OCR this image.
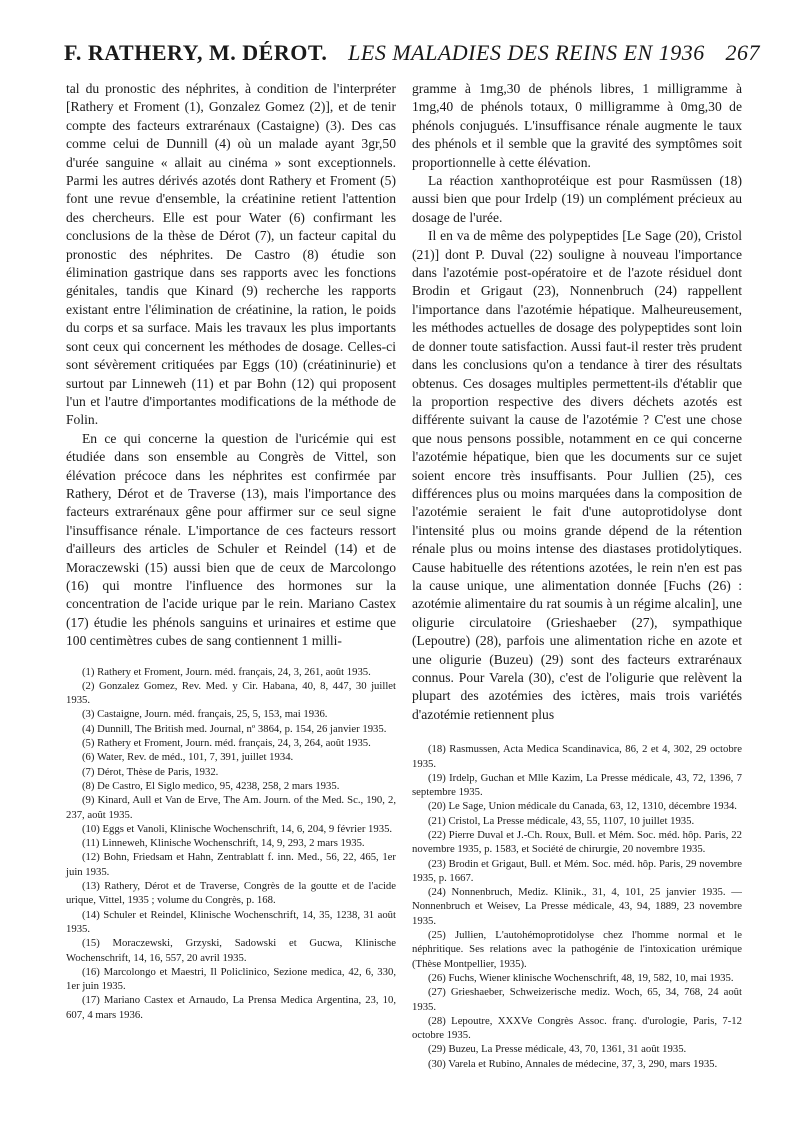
F. RATHERY, M. DÉROT. LES MALADIES DES REINS EN 1936 267

tal du pronostic des néphrites, à condition de l'interpréter [Rathery et Froment (1), Gonzalez Gomez (2)], et de tenir compte des facteurs extrarénaux (Castaigne) (3). Des cas comme celui de Dunnill (4) où un malade ayant 3gr,50 d'urée sanguine « allait au cinéma » sont exceptionnels. Parmi les autres dérivés azotés dont Rathery et Froment (5) font une revue d'ensemble, la créatinine retient l'attention des chercheurs. Elle est pour Water (6) confirmant les conclusions de la thèse de Dérot (7), un facteur capital du pronostic des néphrites. De Castro (8) étudie son élimination gastrique dans ses rapports avec les fonctions génitales, tandis que Kinard (9) recherche les rapports existant entre l'élimination de créatinine, la ration, le poids du corps et sa surface. Mais les travaux les plus importants sont ceux qui concernent les méthodes de dosage. Celles-ci sont sévèrement critiquées par Eggs (10) (créatininurie) et surtout par Linneweh (11) et par Bohn (12) qui proposent l'un et l'autre d'importantes modifications de la méthode de Folin.

En ce qui concerne la question de l'uricémie qui est étudiée dans son ensemble au Congrès de Vittel, son élévation précoce dans les néphrites est confirmée par Rathery, Dérot et de Traverse (13), mais l'importance des facteurs extrarénaux gêne pour affirmer sur ce seul signe l'insuffisance rénale. L'importance de ces facteurs ressort d'ailleurs des articles de Schuler et Reindel (14) et de Moraczewski (15) aussi bien que de ceux de Marcolongo (16) qui montre l'influence des hormones sur la concentration de l'acide urique par le rein. Mariano Castex (17) étudie les phénols sanguins et urinaires et estime que 100 centimètres cubes de sang contiennent 1 milli-

(1) Rathery et Froment, Journ. méd. français, 24, 3, 261, août 1935.

(2) Gonzalez Gomez, Rev. Med. y Cir. Habana, 40, 8, 447, 30 juillet 1935.

(3) Castaigne, Journ. méd. français, 25, 5, 153, mai 1936.

(4) Dunnill, The British med. Journal, nº 3864, p. 154, 26 janvier 1935.

(5) Rathery et Froment, Journ. méd. français, 24, 3, 264, août 1935.

(6) Water, Rev. de méd., 101, 7, 391, juillet 1934.

(7) Dérot, Thèse de Paris, 1932.

(8) De Castro, El Siglo medico, 95, 4238, 258, 2 mars 1935.

(9) Kinard, Aull et Van de Erve, The Am. Journ. of the Med. Sc., 190, 2, 237, août 1935.

(10) Eggs et Vanoli, Klinische Wochenschrift, 14, 6, 204, 9 février 1935.

(11) Linneweh, Klinische Wochenschrift, 14, 9, 293, 2 mars 1935.

(12) Bohn, Friedsam et Hahn, Zentrablatt f. inn. Med., 56, 22, 465, 1er juin 1935.

(13) Rathery, Dérot et de Traverse, Congrès de la goutte et de l'acide urique, Vittel, 1935 ; volume du Congrès, p. 168.

(14) Schuler et Reindel, Klinische Wochenschrift, 14, 35, 1238, 31 août 1935.

(15) Moraczewski, Grzyski, Sadowski et Gucwa, Klinische Wochenschrift, 14, 16, 557, 20 avril 1935.

(16) Marcolongo et Maestri, Il Policlinico, Sezione medica, 42, 6, 330, 1er juin 1935.

(17) Mariano Castex et Arnaudo, La Prensa Medica Argentina, 23, 10, 607, 4 mars 1936.

gramme à 1mg,30 de phénols libres, 1 milligramme à 1mg,40 de phénols totaux, 0 milligramme à 0mg,30 de phénols conjugués. L'insuffisance rénale augmente le taux des phénols et il semble que la gravité des symptômes soit proportionnelle à cette élévation.

La réaction xanthoprotéique est pour Rasmüssen (18) aussi bien que pour Irdelp (19) un complément précieux au dosage de l'urée.

Il en va de même des polypeptides [Le Sage (20), Cristol (21)] dont P. Duval (22) souligne à nouveau l'importance dans l'azotémie post-opératoire et de l'azote résiduel dont Brodin et Grigaut (23), Nonnenbruch (24) rappellent l'importance dans l'azotémie hépatique. Malheureusement, les méthodes actuelles de dosage des polypeptides sont loin de donner toute satisfaction. Aussi faut-il rester très prudent dans les conclusions qu'on a tendance à tirer des résultats obtenus. Ces dosages multiples permettent-ils d'établir que la proportion respective des divers déchets azotés est différente suivant la cause de l'azotémie ? C'est une chose que nous pensons possible, notamment en ce qui concerne l'azotémie hépatique, bien que les documents sur ce sujet soient encore très insuffisants. Pour Jullien (25), ces différences plus ou moins marquées dans la composition de l'azotémie seraient le fait d'une autoprotidolyse dont l'intensité plus ou moins grande dépend de la rétention rénale plus ou moins intense des diastases protidolytiques. Cause habituelle des rétentions azotées, le rein n'en est pas la cause unique, une alimentation donnée [Fuchs (26) : azotémie alimentaire du rat soumis à un régime alcalin], une oligurie circulatoire (Grieshaeber (27), sympathique (Lepoutre) (28), parfois une alimentation riche en azote et une oligurie (Buzeu) (29) sont des facteurs extrarénaux connus. Pour Varela (30), c'est de l'oligurie que relèvent la plupart des azotémies des ictères, mais trois variétés d'azotémie retiennent plus

(18) Rasmussen, Acta Medica Scandinavica, 86, 2 et 4, 302, 29 octobre 1935.

(19) Irdelp, Guchan et Mlle Kazim, La Presse médicale, 43, 72, 1396, 7 septembre 1935.

(20) Le Sage, Union médicale du Canada, 63, 12, 1310, décembre 1934.

(21) Cristol, La Presse médicale, 43, 55, 1107, 10 juillet 1935.

(22) Pierre Duval et J.-Ch. Roux, Bull. et Mém. Soc. méd. hôp. Paris, 22 novembre 1935, p. 1583, et Société de chirurgie, 20 novembre 1935.

(23) Brodin et Grigaut, Bull. et Mém. Soc. méd. hôp. Paris, 29 novembre 1935, p. 1667.

(24) Nonnenbruch, Mediz. Klinik., 31, 4, 101, 25 janvier 1935. — Nonnenbruch et Weisev, La Presse médicale, 43, 94, 1889, 23 novembre 1935.

(25) Jullien, L'autohémoprotidolyse chez l'homme normal et le néphritique. Ses relations avec la pathogénie de l'intoxication urémique (Thèse Montpellier, 1935).

(26) Fuchs, Wiener klinische Wochenschrift, 48, 19, 582, 10, mai 1935.

(27) Grieshaeber, Schweizerische mediz. Woch, 65, 34, 768, 24 août 1935.

(28) Lepoutre, XXXVe Congrès Assoc. franç. d'urologie, Paris, 7-12 octobre 1935.

(29) Buzeu, La Presse médicale, 43, 70, 1361, 31 août 1935.

(30) Varela et Rubino, Annales de médecine, 37, 3, 290, mars 1935.
